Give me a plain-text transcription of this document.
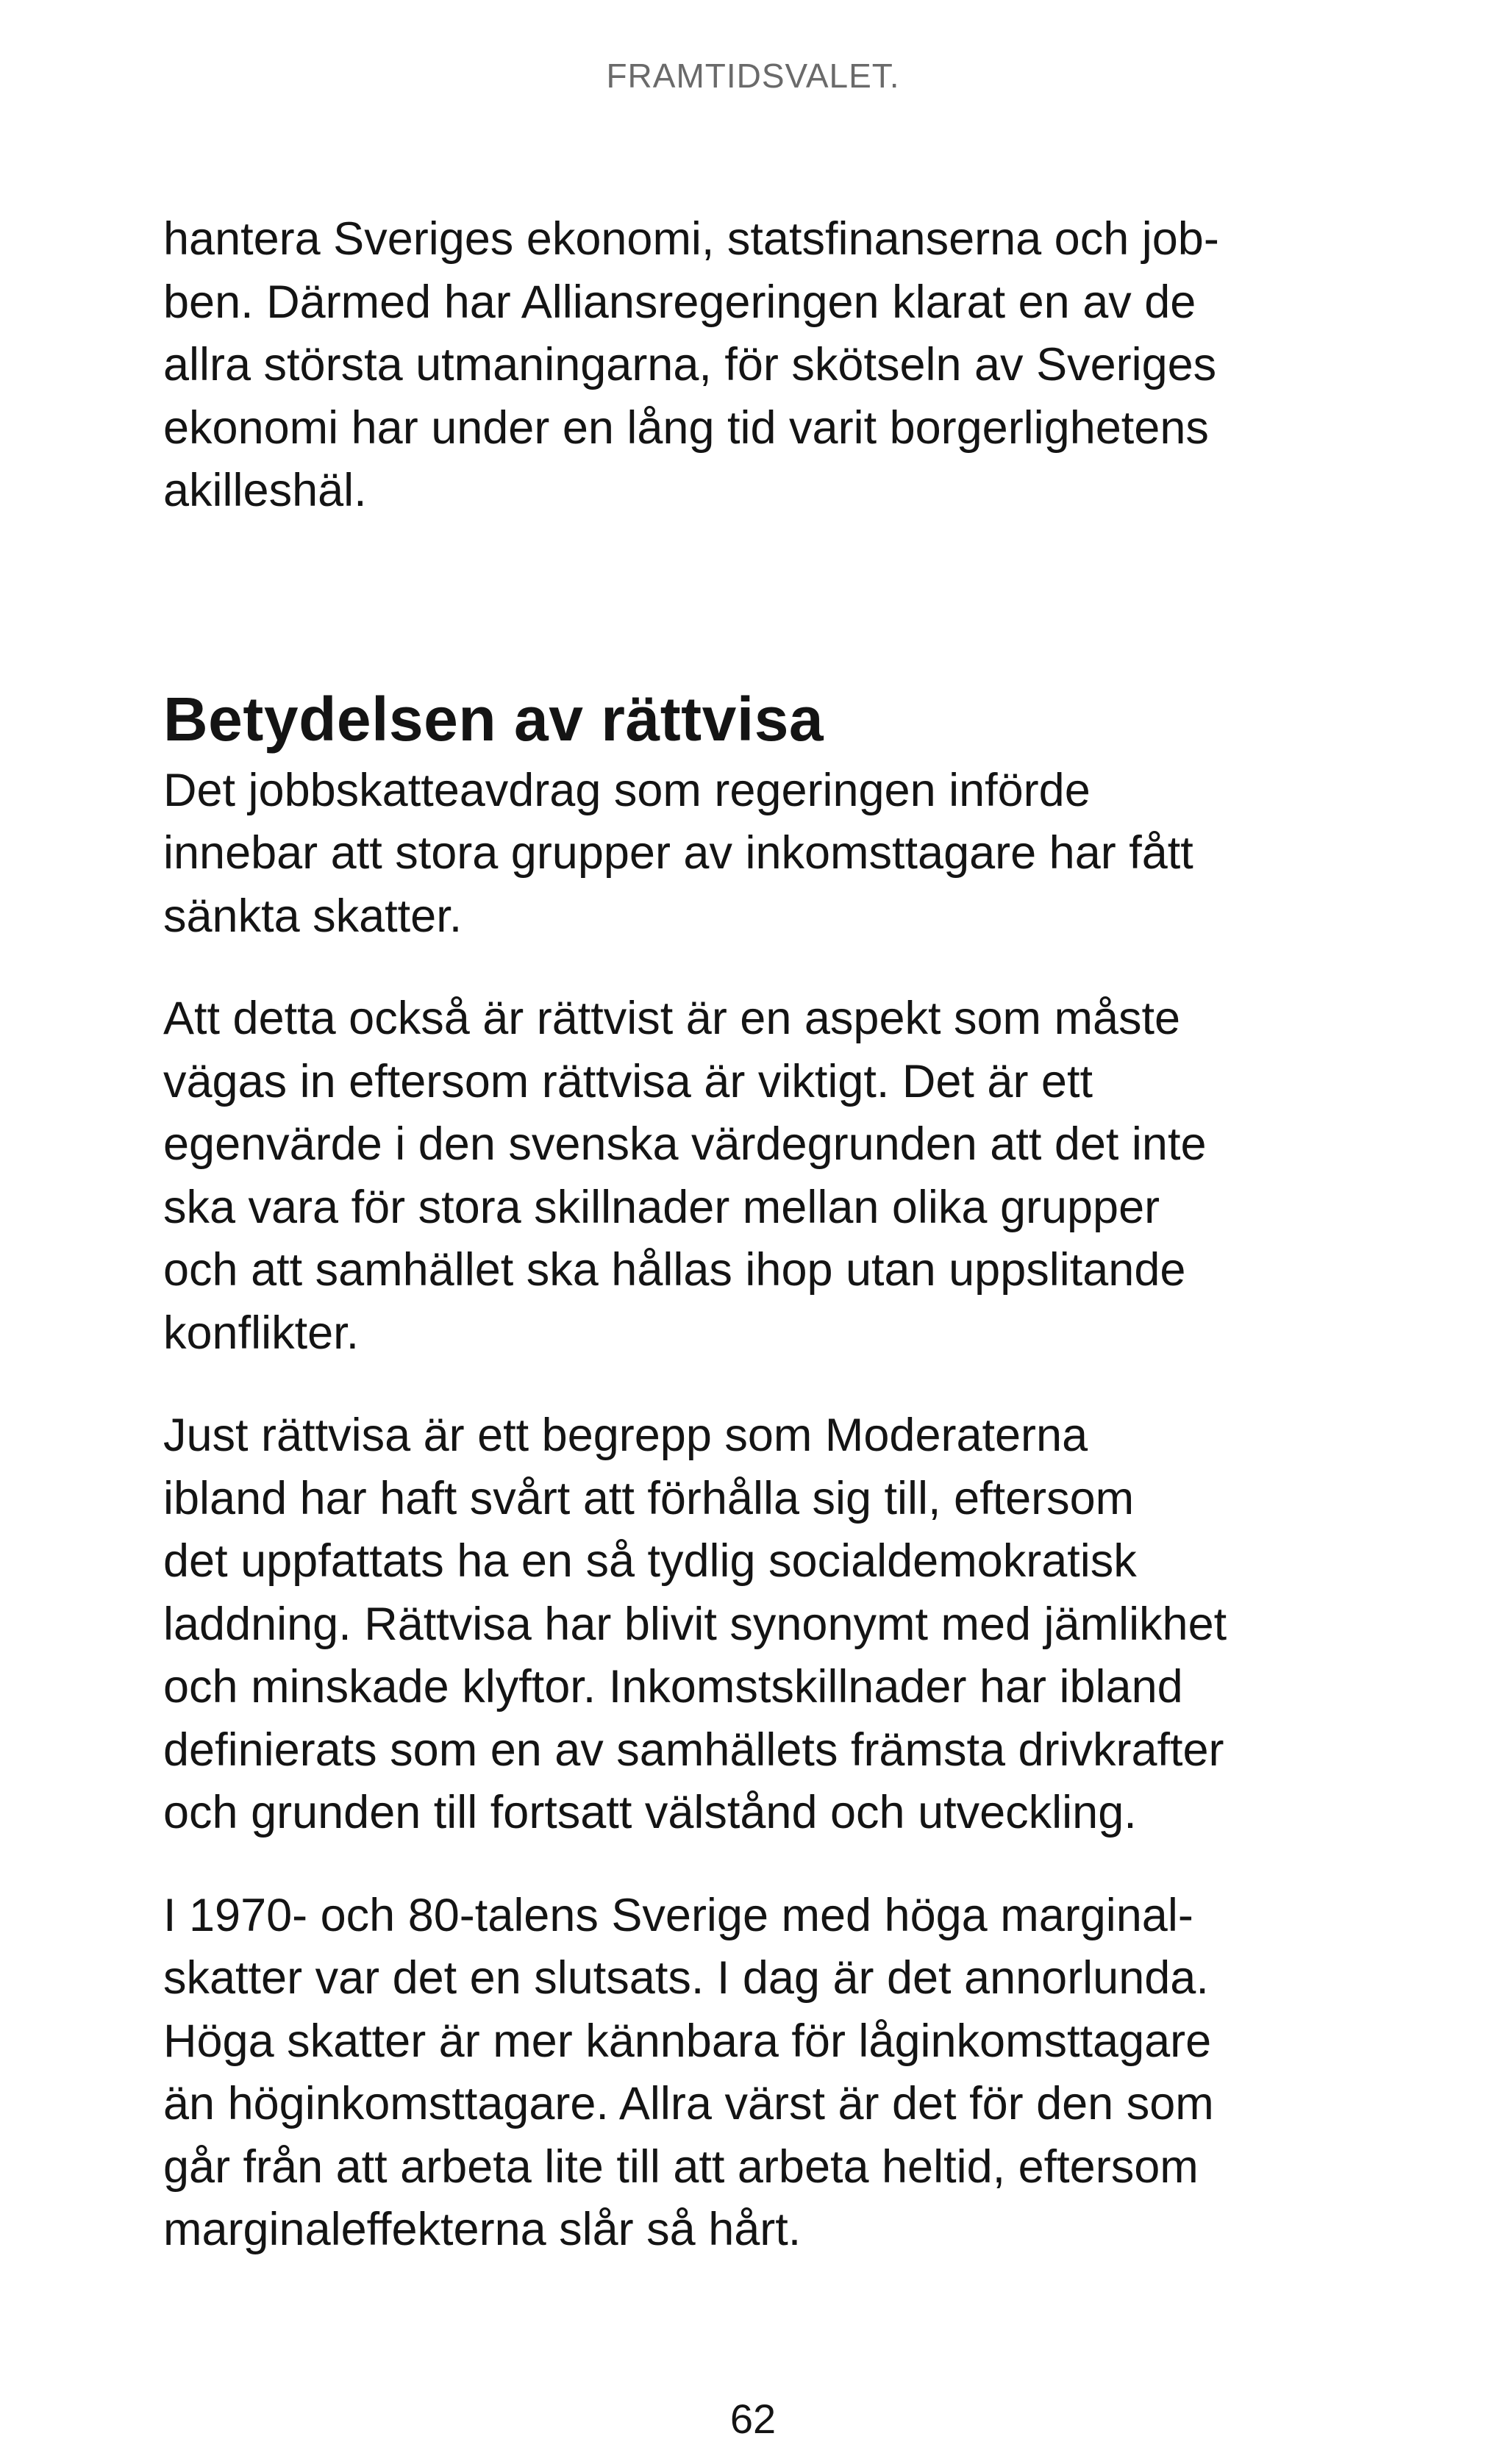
FRAMTIDSVALET.

hantera Sveriges ekonomi, statsfinanserna och job-
ben. Därmed har Alliansregeringen klarat en av de
allra största utmaningarna, för skötseln av Sveriges
ekonomi har under en lång tid varit borgerlighetens
akilleshäl.

Betydelsen av rättvisa

Det jobbskatteavdrag som regeringen införde
innebar att stora grupper av inkomsttagare har fått
sänkta skatter.

Att detta också är rättvist är en aspekt som måste
vägas in eftersom rättvisa är viktigt. Det är ett
egenvärde i den svenska värdegrunden att det inte
ska vara för stora skillnader mellan olika grupper
och att samhället ska hållas ihop utan uppslitande
konflikter.

Just rättvisa är ett begrepp som Moderaterna
ibland har haft svårt att förhålla sig till, eftersom
det uppfattats ha en så tydlig socialdemokratisk
laddning. Rättvisa har blivit synonymt med jämlikhet
och minskade klyftor. Inkomstskillnader har ibland
definierats som en av samhällets främsta drivkrafter
och grunden till fortsatt välstånd och utveckling.

I 1970- och 80-talens Sverige med höga marginal-
skatter var det en slutsats. I dag är det annorlunda.
Höga skatter är mer kännbara för låginkomsttagare
än höginkomsttagare. Allra värst är det för den som
går från att arbeta lite till att arbeta heltid, eftersom
marginaleffekterna slår så hårt.

62
